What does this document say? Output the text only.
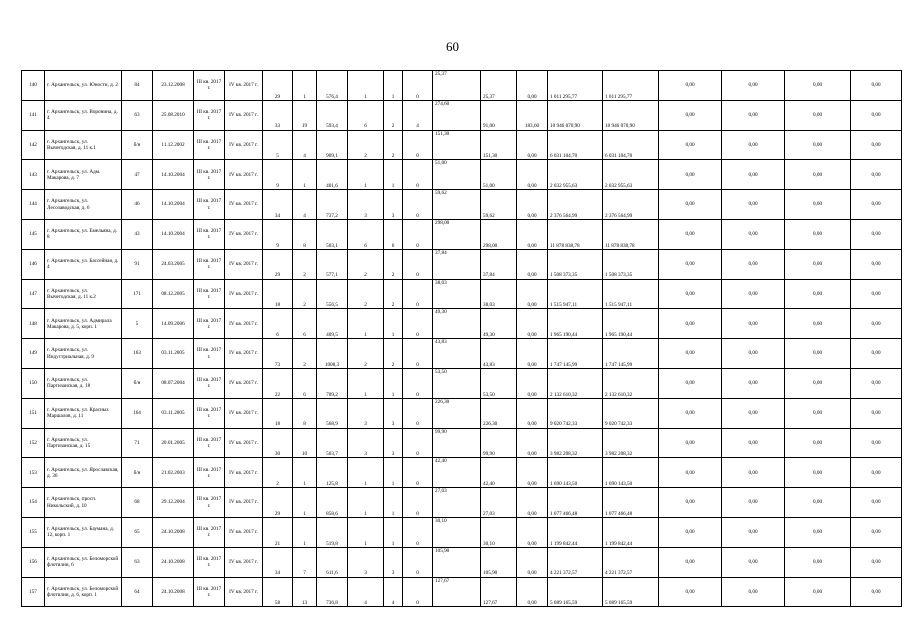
60
140	г. Архангельск, ул. Юности, д. 2	84	23.12.2008	III кв. 2017 г.	IV кв. 2017 г.	29	1	576,4	1	1	0	25,37	25,37	0,00	1 011 295,77	1 011 295,77	0,00	0,00	0,00	0,00
141	г. Архангельск, ул. Воронина, д. 4	63	25.08.2010	III кв. 2017 г.	IV кв. 2017 г.	33	19	593,4	6	2	4	274,60	91,00	183,60	10 946 070,90	10 946 070,90	0,00	0,00	0,00	0,00
142	г. Архангельск, ул. Вычегодская, д. 11 к.1	б/н	11.12.2002	III кв. 2017 г.	IV кв. 2017 г.	5	4	909,1	2	2	0	151,30	151,30	0,00	6 031 104,70	6 031 104,70	0,00	0,00	0,00	0,00
143	г. Архангельск, ул. Адм. Макарова, д. 7	47	14.10.2004	III кв. 2017 г.	IV кв. 2017 г.	9	1	401,6	1	1	0	51,00	51,00	0,00	2 032 955,63	2 032 955,63	0,00	0,00	0,00	0,00
144	г. Архангельск, ул. Лесозаводская, д. 6	46	14.10.2004	III кв. 2017 г.	IV кв. 2017 г.	34	4	737,2	3	3	0	59,62	59,62	0,00	2 376 564,99	2 376 564,99	0,00	0,00	0,00	0,00
145	г. Архангельск, ул. Емельяна, д. 8	43	14.10.2004	III кв. 2017 г.	IV кв. 2017 г.	9	8	503,1	6	6	0	298,00	298,00	0,00	11 878 838,78	11 878 838,78	0,00	0,00	0,00	0,00
146	г. Архангельск, ул. Бассейная, д. 4	91	24.03.2005	III кв. 2017 г.	IV кв. 2017 г.	29	2	577,1	2	2	0	37,84	37,84	0,00	1 508 373,35	1 508 373,35	0,00	0,00	0,00	0,00
147	г. Архангельск, ул. Вычегодская, д. 11 к.2	171	08.12.2005	III кв. 2017 г.	IV кв. 2017 г.	18	2	556,5	2	2	0	38,03	38,03	0,00	1 515 947,11	1 515 947,11	0,00	0,00	0,00	0,00
148	г. Архангельск, ул. Адмирала Макарова, д. 5, корп. 1	5	14.09.2006	III кв. 2017 г.	IV кв. 2017 г.	6	6	409,5	1	1	0	49,30	49,30	0,00	1 965 190,44	1 965 190,44	0,00	0,00	0,00	0,00
149	г. Архангельск, ул. Индустриальная, д. 9	163	03.11.2005	III кв. 2017 г.	IV кв. 2017 г.	73	2	1008,3	2	2	0	43,83	43,83	0,00	1 747 145,99	1 747 145,99	0,00	0,00	0,00	0,00
150	г. Архангельск, ул. Партизанская, д. 18	б/н	08.07.2004	III кв. 2017 г.	IV кв. 2017 г.	22	6	709,2	1	1	0	53,50	53,50	0,00	2 132 610,32	2 132 610,32	0,00	0,00	0,00	0,00
151	г. Архангельск, ул. Красных Маршалов, д. 11	164	03.11.2005	III кв. 2017 г.	IV кв. 2017 г.	18	8	568,9	3	3	0	226,30	226,30	0,00	9 020 742,33	9 020 742,33	0,00	0,00	0,00	0,00
152	г. Архангельск, ул. Партизанская, д. 15	71	20.01.2005	III кв. 2017 г.	IV кв. 2017 г.	30	10	503,7	3	3	0	99,90	99,90	0,00	3 982 208,32	3 982 208,32	0,00	0,00	0,00	0,00
153	г. Архангельск, ул. Ярославская, д. 36	б/н	21.02.2003	III кв. 2017 г.	IV кв. 2017 г.	2	1	125,8	1	1	0	42,40	42,40	0,00	1 690 143,50	1 690 143,50	0,00	0,00	0,00	0,00
154	г. Архангельск, просп. Никольский, д. 10	68	29.12.2004	III кв. 2017 г.	IV кв. 2017 г.	29	1	858,6	1	1	0	27,03	27,03	0,00	1 077 466,48	1 077 466,48	0,00	0,00	0,00	0,00
155	г. Архангельск, ул. Баумана, д. 12, корп. 1	65	24.10.2008	III кв. 2017 г.	IV кв. 2017 г.	21	1	519,8	1	1	0	30,10	30,10	0,00	1 199 842,44	1 199 842,44	0,00	0,00	0,00	0,00
156	г. Архангельск, ул. Беломорской флотилии, 6	63	24.10.2008	III кв. 2017 г.	IV кв. 2017 г.	34	7	611,6	3	3	0	105,90	105,90	0,00	4 221 372,57	4 221 372,57	0,00	0,00	0,00	0,00
157	г. Архангельск, ул. Беломорской флотилии, д. 6, корп. 1	64	24.10.2008	III кв. 2017 г.	IV кв. 2017 г.	58	13	736,8	4	4	0	127,67	127,67	0,00	5 089 165,59	5 089 165,59	0,00	0,00	0,00	0,00
